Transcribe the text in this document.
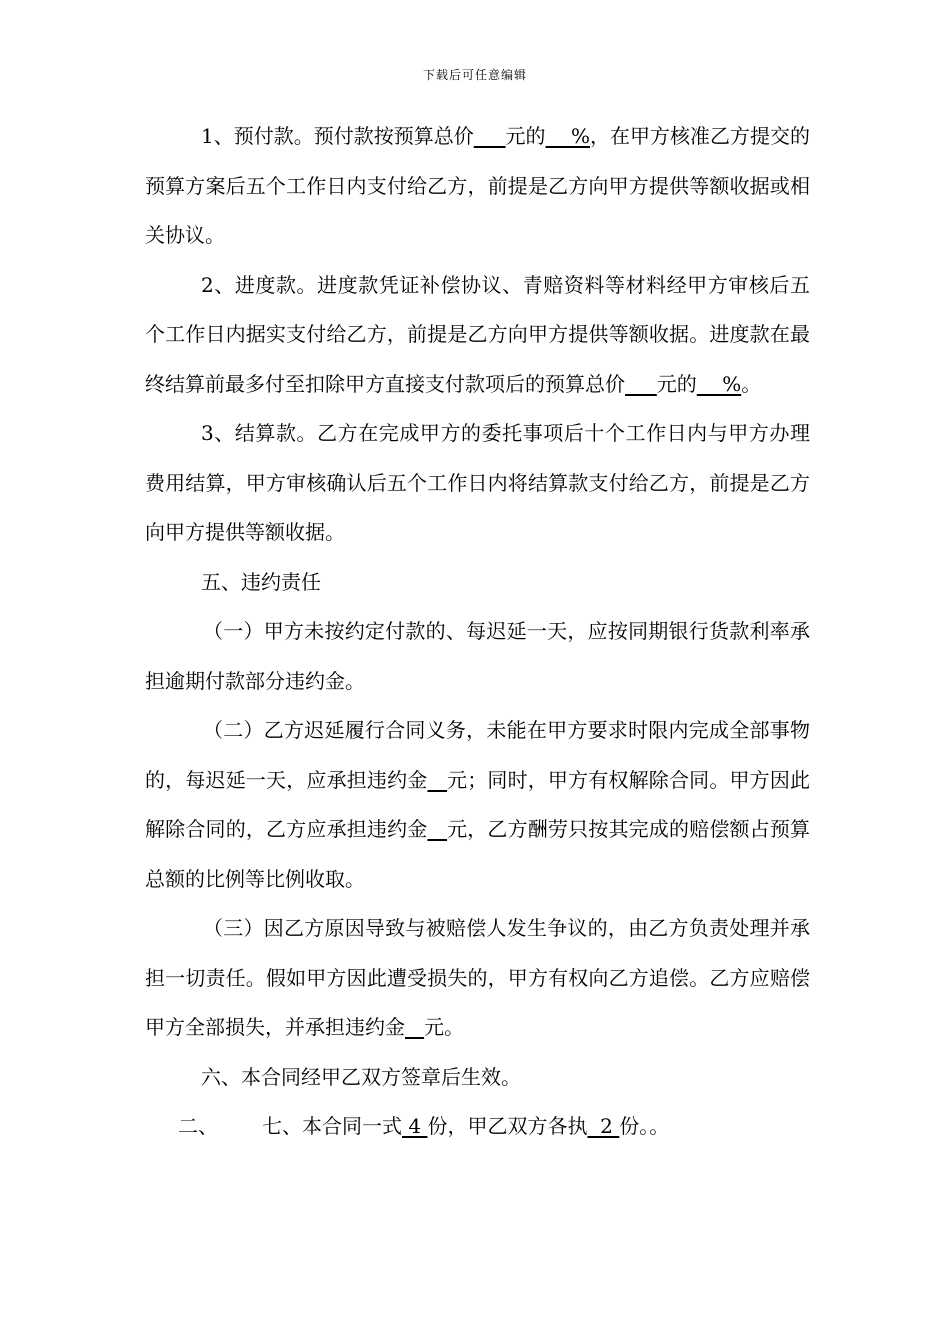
下载后可任意编辑

1、预付款。预付款按预算总价 元的    %，在甲方核准乙方提交的预算方案后五个工作日内支付给乙方，前提是乙方向甲方提供等额收据或相关协议。

2、进度款。进度款凭证补偿协议、青赔资料等材料经甲方审核后五个工作日内据实支付给乙方，前提是乙方向甲方提供等额收据。进度款在最终结算前最多付至扣除甲方直接支付款项后的预算总价 元的    %。

3、结算款。乙方在完成甲方的委托事项后十个工作日内与甲方办理费用结算，甲方审核确认后五个工作日内将结算款支付给乙方，前提是乙方向甲方提供等额收据。

五、违约责任

（一）甲方未按约定付款的、每迟延一天，应按同期银行货款利率承担逾期付款部分违约金。

（二）乙方迟延履行合同义务，未能在甲方要求时限内完成全部事物的，每迟延一天，应承担违约金 元；同时，甲方有权解除合同。甲方因此解除合同的，乙方应承担违约金 元，乙方酬劳只按其完成的赔偿额占预算总额的比例等比例收取。

（三）因乙方原因导致与被赔偿人发生争议的，由乙方负责处理并承担一切责任。假如甲方因此遭受损失的，甲方有权向乙方追偿。乙方应赔偿甲方全部损失，并承担违约金 元。

六、本合同经甲乙双方签章后生效。

二、 七、本合同一式 4 份，甲乙双方各执  2 份。。
